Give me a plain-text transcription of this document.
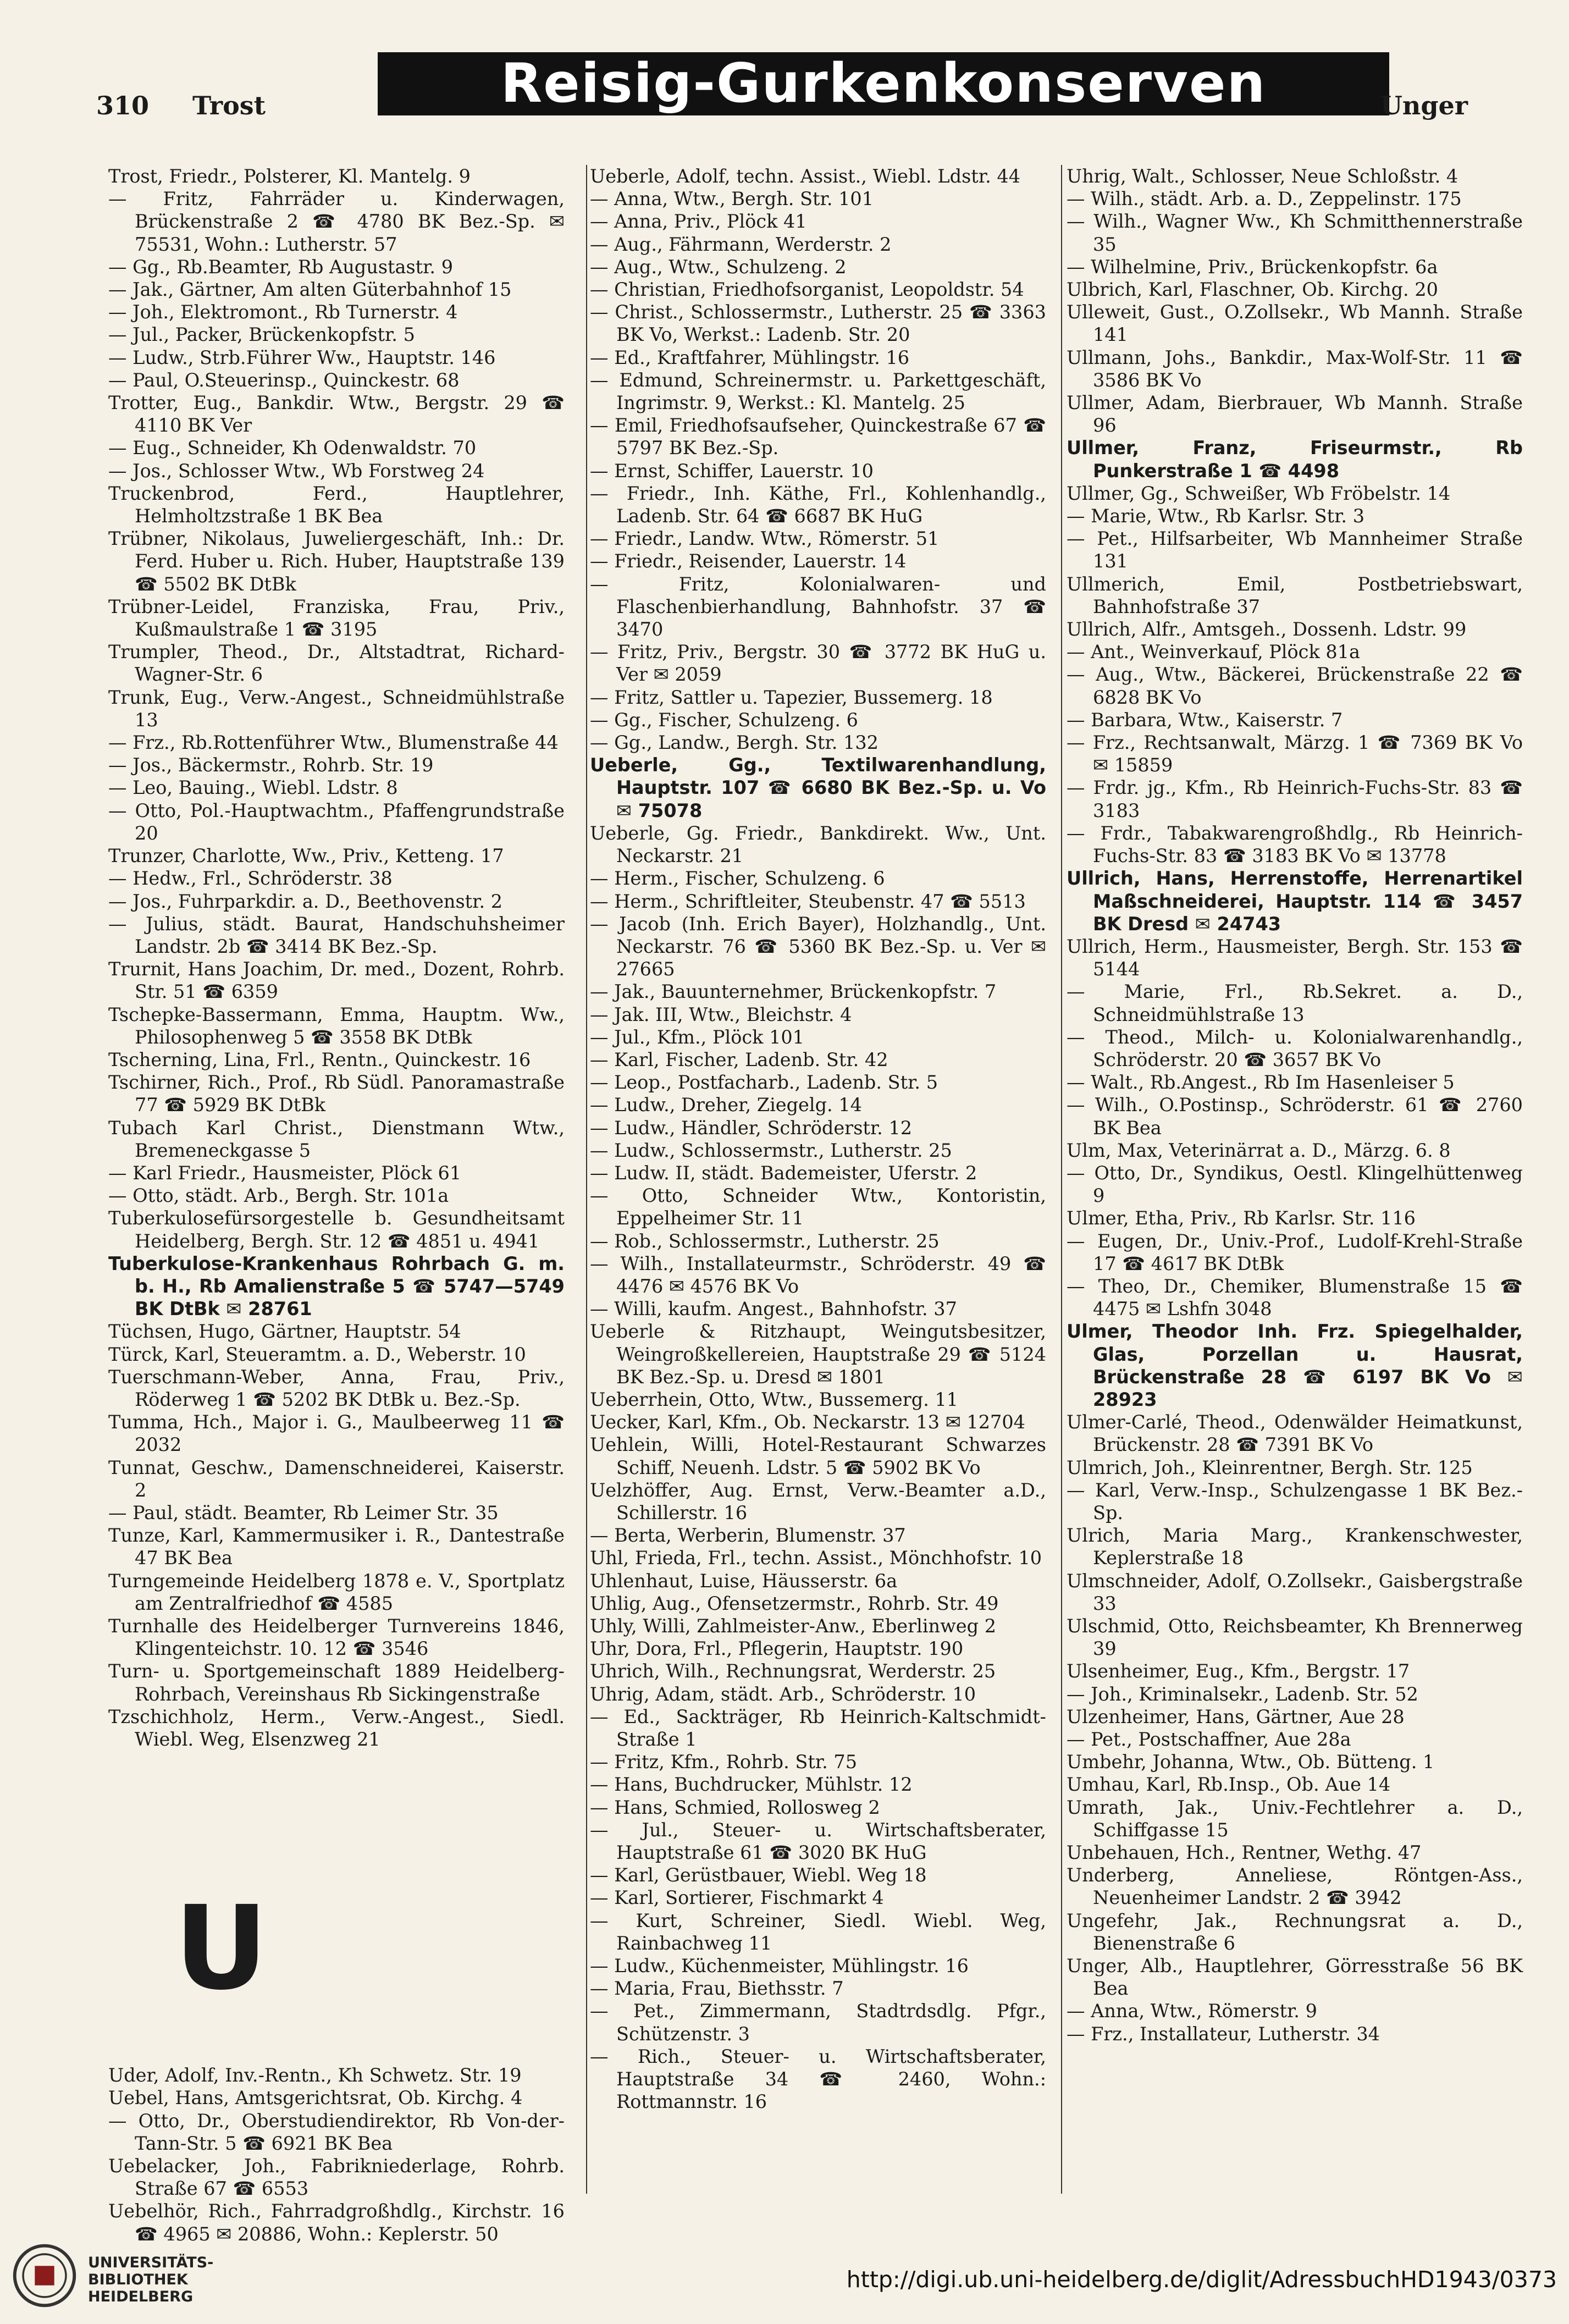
310 Trost	Reisig-Gurkenkonserven	Unger

Trost, Friedr., Polsterer, Kl. Mantelg. 9

— Fritz, Fahrräder u. Kinderwagen, Brückenstraße 2 ☎ 4780 BK Bez.-Sp. ✉ 75531, Wohn.: Lutherstr. 57

— Gg., Rb.Beamter, Rb Augustastr. 9

— Jak., Gärtner, Am alten Güterbahnhof 15

— Joh., Elektromont., Rb Turnerstr. 4

— Jul., Packer, Brückenkopfstr. 5

— Ludw., Strb.Führer Ww., Hauptstr. 146

— Paul, O.Steuerinsp., Quinckestr. 68

Trotter, Eug., Bankdir. Wtw., Bergstr. 29 ☎ 4110 BK Ver

— Eug., Schneider, Kh Odenwaldstr. 70

— Jos., Schlosser Wtw., Wb Forstweg 24

Truckenbrod, Ferd., Hauptlehrer, Helmholtzstraße 1 BK Bea

Trübner, Nikolaus, Juweliergeschäft, Inh.: Dr. Ferd. Huber u. Rich. Huber, Hauptstraße 139 ☎ 5502 BK DtBk

Trübner-Leidel, Franziska, Frau, Priv., Kußmaulstraße 1 ☎ 3195

Trumpler, Theod., Dr., Altstadtrat, Richard-Wagner-Str. 6

Trunk, Eug., Verw.-Angest., Schneidmühlstraße 13

— Frz., Rb.Rottenführer Wtw., Blumenstraße 44

— Jos., Bäckermstr., Rohrb. Str. 19

— Leo, Bauing., Wiebl. Ldstr. 8

— Otto, Pol.-Hauptwachtm., Pfaffengrundstraße 20

Trunzer, Charlotte, Ww., Priv., Ketteng. 17

— Hedw., Frl., Schröderstr. 38

— Jos., Fuhrparkdir. a. D., Beethovenstr. 2

— Julius, städt. Baurat, Handschuhsheimer Landstr. 2b ☎ 3414 BK Bez.-Sp.

Trurnit, Hans Joachim, Dr. med., Dozent, Rohrb. Str. 51 ☎ 6359

Tschepke-Bassermann, Emma, Hauptm. Ww., Philosophenweg 5 ☎ 3558 BK DtBk

Tscherning, Lina, Frl., Rentn., Quinckestr. 16

Tschirner, Rich., Prof., Rb Südl. Panoramastraße 77 ☎ 5929 BK DtBk

Tubach Karl Christ., Dienstmann Wtw., Bremeneckgasse 5

— Karl Friedr., Hausmeister, Plöck 61

— Otto, städt. Arb., Bergh. Str. 101a

Tuberkulosefürsorgestelle b. Gesundheitsamt Heidelberg, Bergh. Str. 12 ☎ 4851 u. 4941

Tuberkulose-Krankenhaus Rohrbach G. m. b. H., Rb Amalienstraße 5 ☎ 5747—5749 BK DtBk ✉ 28761

Tüchsen, Hugo, Gärtner, Hauptstr. 54

Türck, Karl, Steueramtm. a. D., Weberstr. 10

Tuerschmann-Weber, Anna, Frau, Priv., Röderweg 1 ☎ 5202 BK DtBk u. Bez.-Sp.

Tumma, Hch., Major i. G., Maulbeerweg 11 ☎ 2032

Tunnat, Geschw., Damenschneiderei, Kaiserstr. 2

— Paul, städt. Beamter, Rb Leimer Str. 35

Tunze, Karl, Kammermusiker i. R., Dantestraße 47 BK Bea

Turngemeinde Heidelberg 1878 e. V., Sportplatz am Zentralfriedhof ☎ 4585

Turnhalle des Heidelberger Turnvereins 1846, Klingenteichstr. 10. 12 ☎ 3546

Turn- u. Sportgemeinschaft 1889 Heidelberg-Rohrbach, Vereinshaus Rb Sickingenstraße

Tzschichholz, Herm., Verw.-Angest., Siedl. Wiebl. Weg, Elsenzweg 21

U

Uder, Adolf, Inv.-Rentn., Kh Schwetz. Str. 19

Uebel, Hans, Amtsgerichtsrat, Ob. Kirchg. 4

— Otto, Dr., Oberstudiendirektor, Rb Von-der-Tann-Str. 5 ☎ 6921 BK Bea

Uebelacker, Joh., Fabrikniederlage, Rohrb. Straße 67 ☎ 6553

Uebelhör, Rich., Fahrradgroßhdlg., Kirchstr. 16 ☎ 4965 ✉ 20886, Wohn.: Keplerstr. 50

Ueberle, Adolf, techn. Assist., Wiebl. Ldstr. 44

— Anna, Wtw., Bergh. Str. 101

— Anna, Priv., Plöck 41

— Aug., Fährmann, Werderstr. 2

— Aug., Wtw., Schulzeng. 2

— Christian, Friedhofsorganist, Leopoldstr. 54

— Christ., Schlossermstr., Lutherstr. 25 ☎ 3363 BK Vo, Werkst.: Ladenb. Str. 20

— Ed., Kraftfahrer, Mühlingstr. 16

— Edmund, Schreinermstr. u. Parkettgeschäft, Ingrimstr. 9, Werkst.: Kl. Mantelg. 25

— Emil, Friedhofsaufseher, Quinckestraße 67 ☎ 5797 BK Bez.-Sp.

— Ernst, Schiffer, Lauerstr. 10

— Friedr., Inh. Käthe, Frl., Kohlenhandlg., Ladenb. Str. 64 ☎ 6687 BK HuG

— Friedr., Landw. Wtw., Römerstr. 51

— Friedr., Reisender, Lauerstr. 14

— Fritz, Kolonialwaren- und Flaschenbierhandlung, Bahnhofstr. 37 ☎ 3470

— Fritz, Priv., Bergstr. 30 ☎ 3772 BK HuG u. Ver ✉ 2059

— Fritz, Sattler u. Tapezier, Bussemerg. 18

— Gg., Fischer, Schulzeng. 6

— Gg., Landw., Bergh. Str. 132

Ueberle, Gg., Textilwarenhandlung, Hauptstr. 107 ☎ 6680 BK Bez.-Sp. u. Vo ✉ 75078

Ueberle, Gg. Friedr., Bankdirekt. Ww., Unt. Neckarstr. 21

— Herm., Fischer, Schulzeng. 6

— Herm., Schriftleiter, Steubenstr. 47 ☎ 5513

— Jacob (Inh. Erich Bayer), Holzhandlg., Unt. Neckarstr. 76 ☎ 5360 BK Bez.-Sp. u. Ver ✉ 27665

— Jak., Bauunternehmer, Brückenkopfstr. 7

— Jak. III, Wtw., Bleichstr. 4

— Jul., Kfm., Plöck 101

— Karl, Fischer, Ladenb. Str. 42

— Leop., Postfacharb., Ladenb. Str. 5

— Ludw., Dreher, Ziegelg. 14

— Ludw., Händler, Schröderstr. 12

— Ludw., Schlossermstr., Lutherstr. 25

— Ludw. II, städt. Bademeister, Uferstr. 2

— Otto, Schneider Wtw., Kontoristin, Eppelheimer Str. 11

— Rob., Schlossermstr., Lutherstr. 25

— Wilh., Installateurmstr., Schröderstr. 49 ☎ 4476 ✉ 4576 BK Vo

— Willi, kaufm. Angest., Bahnhofstr. 37

Ueberle & Ritzhaupt, Weingutsbesitzer, Weingroßkellereien, Hauptstraße 29 ☎ 5124 BK Bez.-Sp. u. Dresd ✉ 1801

Ueberrhein, Otto, Wtw., Bussemerg. 11

Uecker, Karl, Kfm., Ob. Neckarstr. 13 ✉ 12704

Uehlein, Willi, Hotel-Restaurant Schwarzes Schiff, Neuenh. Ldstr. 5 ☎ 5902 BK Vo

Uelzhöffer, Aug. Ernst, Verw.-Beamter a.D., Schillerstr. 16

— Berta, Werberin, Blumenstr. 37

Uhl, Frieda, Frl., techn. Assist., Mönchhofstr. 10

Uhlenhaut, Luise, Häusserstr. 6a

Uhlig, Aug., Ofensetzermstr., Rohrb. Str. 49

Uhly, Willi, Zahlmeister-Anw., Eberlinweg 2

Uhr, Dora, Frl., Pflegerin, Hauptstr. 190

Uhrich, Wilh., Rechnungsrat, Werderstr. 25

Uhrig, Adam, städt. Arb., Schröderstr. 10

— Ed., Sackträger, Rb Heinrich-Kaltschmidt-Straße 1

— Fritz, Kfm., Rohrb. Str. 75

— Hans, Buchdrucker, Mühlstr. 12

— Hans, Schmied, Rollosweg 2

— Jul., Steuer- u. Wirtschaftsberater, Hauptstraße 61 ☎ 3020 BK HuG

— Karl, Gerüstbauer, Wiebl. Weg 18

— Karl, Sortierer, Fischmarkt 4

— Kurt, Schreiner, Siedl. Wiebl. Weg, Rainbachweg 11

— Ludw., Küchenmeister, Mühlingstr. 16

— Maria, Frau, Biethsstr. 7

— Pet., Zimmermann, Stadtrdsdlg. Pfgr., Schützenstr. 3

— Rich., Steuer- u. Wirtschaftsberater, Hauptstraße 34 ☎ 2460, Wohn.: Rottmannstr. 16

Uhrig, Walt., Schlosser, Neue Schloßstr. 4

— Wilh., städt. Arb. a. D., Zeppelinstr. 175

— Wilh., Wagner Ww., Kh Schmitthennerstraße 35

— Wilhelmine, Priv., Brückenkopfstr. 6a

Ulbrich, Karl, Flaschner, Ob. Kirchg. 20

Ulleweit, Gust., O.Zollsekr., Wb Mannh. Straße 141

Ullmann, Johs., Bankdir., Max-Wolf-Str. 11 ☎ 3586 BK Vo

Ullmer, Adam, Bierbrauer, Wb Mannh. Straße 96

Ullmer, Franz, Friseurmstr., Rb Punkerstraße 1 ☎ 4498

Ullmer, Gg., Schweißer, Wb Fröbelstr. 14

— Marie, Wtw., Rb Karlsr. Str. 3

— Pet., Hilfsarbeiter, Wb Mannheimer Straße 131

Ullmerich, Emil, Postbetriebswart, Bahnhofstraße 37

Ullrich, Alfr., Amtsgeh., Dossenh. Ldstr. 99

— Ant., Weinverkauf, Plöck 81a

— Aug., Wtw., Bäckerei, Brückenstraße 22 ☎ 6828 BK Vo

— Barbara, Wtw., Kaiserstr. 7

— Frz., Rechtsanwalt, Märzg. 1 ☎ 7369 BK Vo ✉ 15859

— Frdr. jg., Kfm., Rb Heinrich-Fuchs-Str. 83 ☎ 3183

— Frdr., Tabakwarengroßhdlg., Rb Heinrich-Fuchs-Str. 83 ☎ 3183 BK Vo ✉ 13778

Ullrich, Hans, Herrenstoffe, Herrenartikel Maßschneiderei, Hauptstr. 114 ☎ 3457 BK Dresd ✉ 24743

Ullrich, Herm., Hausmeister, Bergh. Str. 153 ☎ 5144

— Marie, Frl., Rb.Sekret. a. D., Schneidmühlstraße 13

— Theod., Milch- u. Kolonialwarenhandlg., Schröderstr. 20 ☎ 3657 BK Vo

— Walt., Rb.Angest., Rb Im Hasenleiser 5

— Wilh., O.Postinsp., Schröderstr. 61 ☎ 2760 BK Bea

Ulm, Max, Veterinärrat a. D., Märzg. 6. 8

— Otto, Dr., Syndikus, Oestl. Klingelhüttenweg 9

Ulmer, Etha, Priv., Rb Karlsr. Str. 116

— Eugen, Dr., Univ.-Prof., Ludolf-Krehl-Straße 17 ☎ 4617 BK DtBk

— Theo, Dr., Chemiker, Blumenstraße 15 ☎ 4475 ✉ Lshfn 3048

Ulmer, Theodor Inh. Frz. Spiegelhalder, Glas, Porzellan u. Hausrat, Brückenstraße 28 ☎ 6197 BK Vo ✉ 28923

Ulmer-Carlé, Theod., Odenwälder Heimatkunst, Brückenstr. 28 ☎ 7391 BK Vo

Ulmrich, Joh., Kleinrentner, Bergh. Str. 125

— Karl, Verw.-Insp., Schulzengasse 1 BK Bez.-Sp.

Ulrich, Maria Marg., Krankenschwester, Keplerstraße 18

Ulmschneider, Adolf, O.Zollsekr., Gaisbergstraße 33

Ulschmid, Otto, Reichsbeamter, Kh Brennerweg 39

Ulsenheimer, Eug., Kfm., Bergstr. 17

— Joh., Kriminalsekr., Ladenb. Str. 52

Ulzenheimer, Hans, Gärtner, Aue 28

— Pet., Postschaffner, Aue 28a

Umbehr, Johanna, Wtw., Ob. Bütteng. 1

Umhau, Karl, Rb.Insp., Ob. Aue 14

Umrath, Jak., Univ.-Fechtlehrer a. D., Schiffgasse 15

Unbehauen, Hch., Rentner, Wethg. 47

Underberg, Anneliese, Röntgen-Ass., Neuenheimer Landstr. 2 ☎ 3942

Ungefehr, Jak., Rechnungsrat a. D., Bienenstraße 6

Unger, Alb., Hauptlehrer, Görresstraße 56 BK Bea

— Anna, Wtw., Römerstr. 9

— Frz., Installateur, Lutherstr. 34

UNIVERSITÄTS-
BIBLIOTHEK
HEIDELBERG
http://digi.ub.uni-heidelberg.de/diglit/AdressbuchHD1943/0373
